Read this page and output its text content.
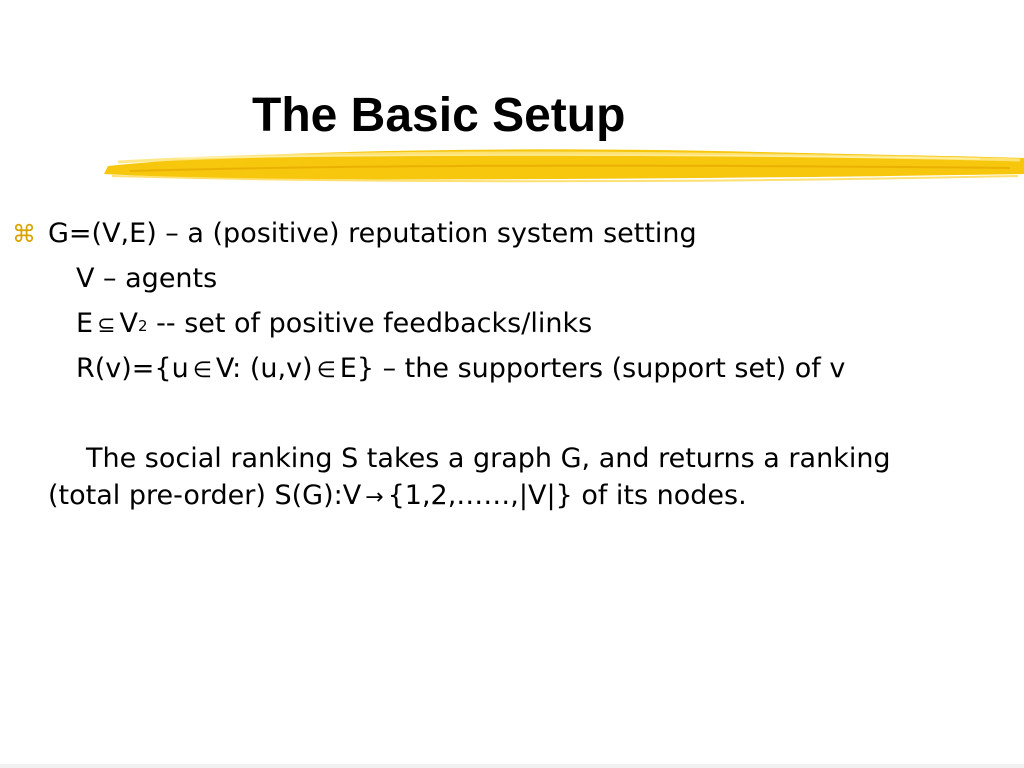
The Basic Setup
⌘ G=(V,E) – a (positive) reputation system setting
V – agents
E ⊆ $V^2$ -- set of positive feedbacks/links
R(v)={u ∈ V: (u,v) ∈ E} – the supporters (support set) of v
The social ranking S takes a graph G, and returns a ranking
(total pre-order) S(G):V → {1,2,……,|V|} of its nodes.
